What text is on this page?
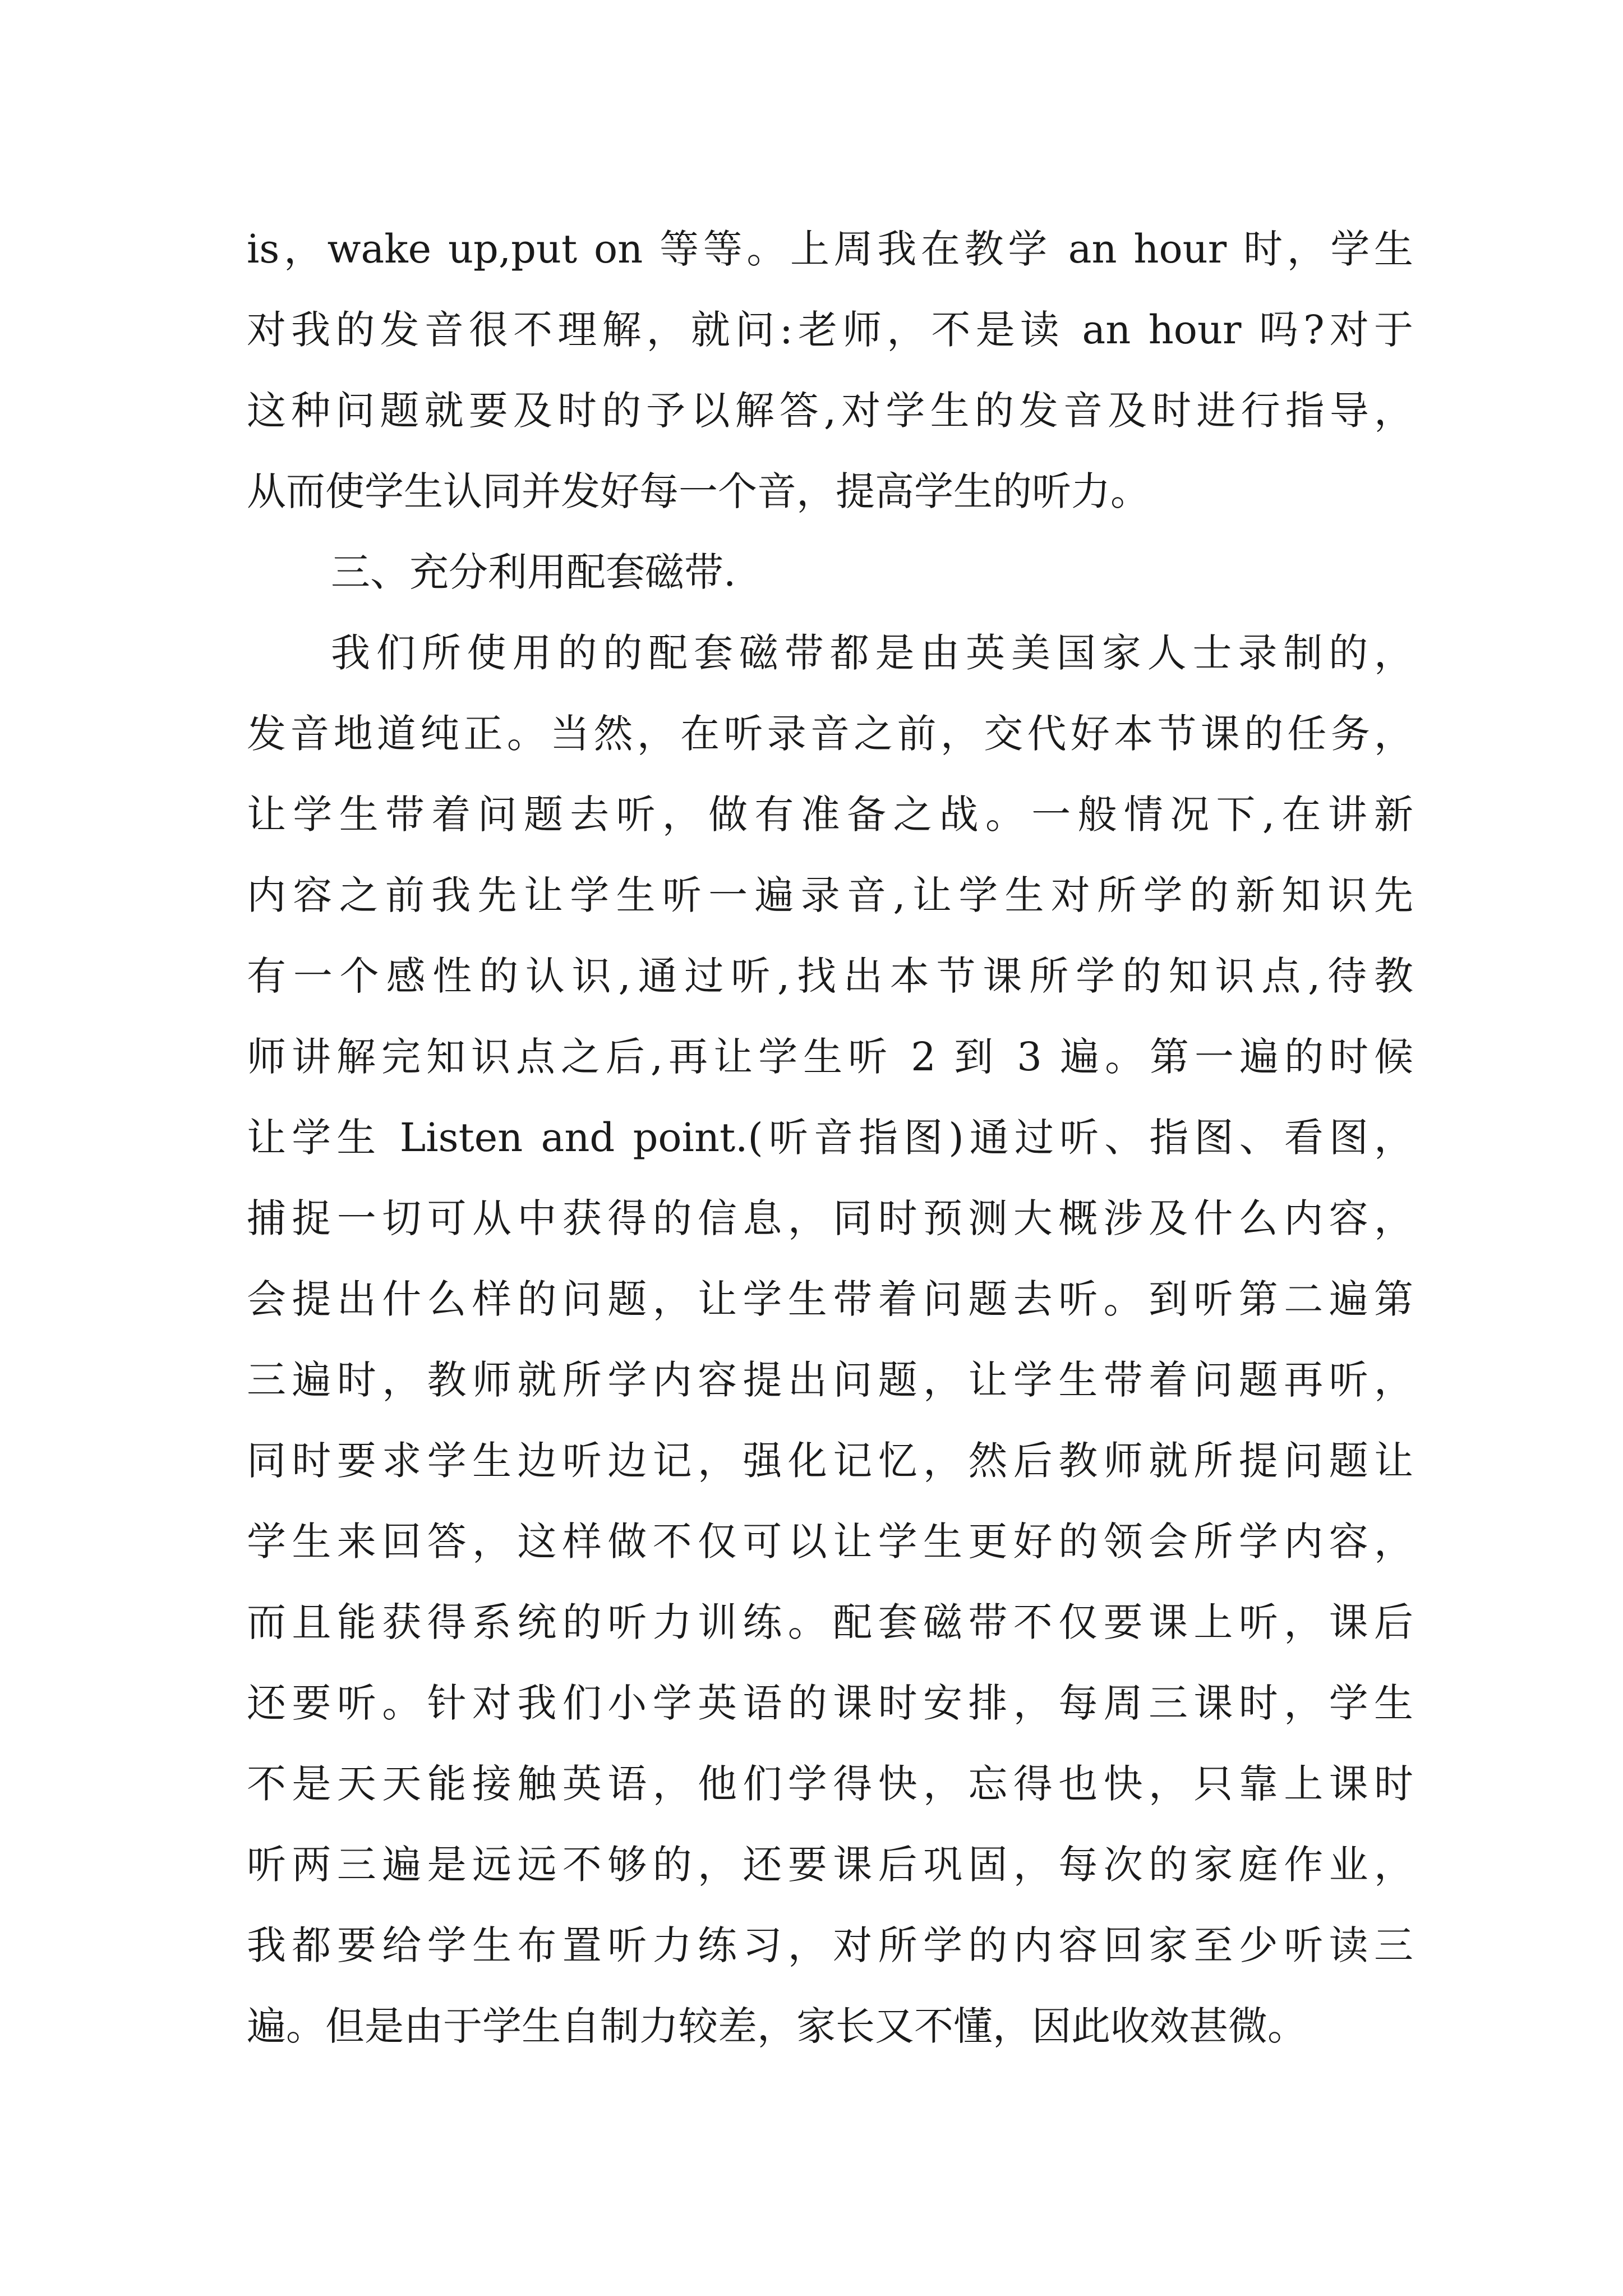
is，wake up,put on 等等。上周我在教学 an hour 时，学生
对我的发音很不理解，就问:老师，不是读 an hour 吗?对于
这种问题就要及时的予以解答,对学生的发音及时进行指导，
从而使学生认同并发好每一个音，提高学生的听力。
三、充分利用配套磁带.
我们所使用的的配套磁带都是由英美国家人士录制的，
发音地道纯正。当然，在听录音之前，交代好本节课的任务，
让学生带着问题去听，做有准备之战。一般情况下,在讲新
内容之前我先让学生听一遍录音,让学生对所学的新知识先
有一个感性的认识,通过听,找出本节课所学的知识点,待教
师讲解完知识点之后,再让学生听 2 到 3 遍。第一遍的时候
让学生 Listen and point.(听音指图)通过听、指图、看图，
捕捉一切可从中获得的信息，同时预测大概涉及什么内容，
会提出什么样的问题，让学生带着问题去听。到听第二遍第
三遍时，教师就所学内容提出问题，让学生带着问题再听，
同时要求学生边听边记，强化记忆，然后教师就所提问题让
学生来回答，这样做不仅可以让学生更好的领会所学内容，
而且能获得系统的听力训练。配套磁带不仅要课上听，课后
还要听。针对我们小学英语的课时安排，每周三课时，学生
不是天天能接触英语，他们学得快，忘得也快，只靠上课时
听两三遍是远远不够的，还要课后巩固，每次的家庭作业，
我都要给学生布置听力练习，对所学的内容回家至少听读三
遍。但是由于学生自制力较差，家长又不懂，因此收效甚微。
